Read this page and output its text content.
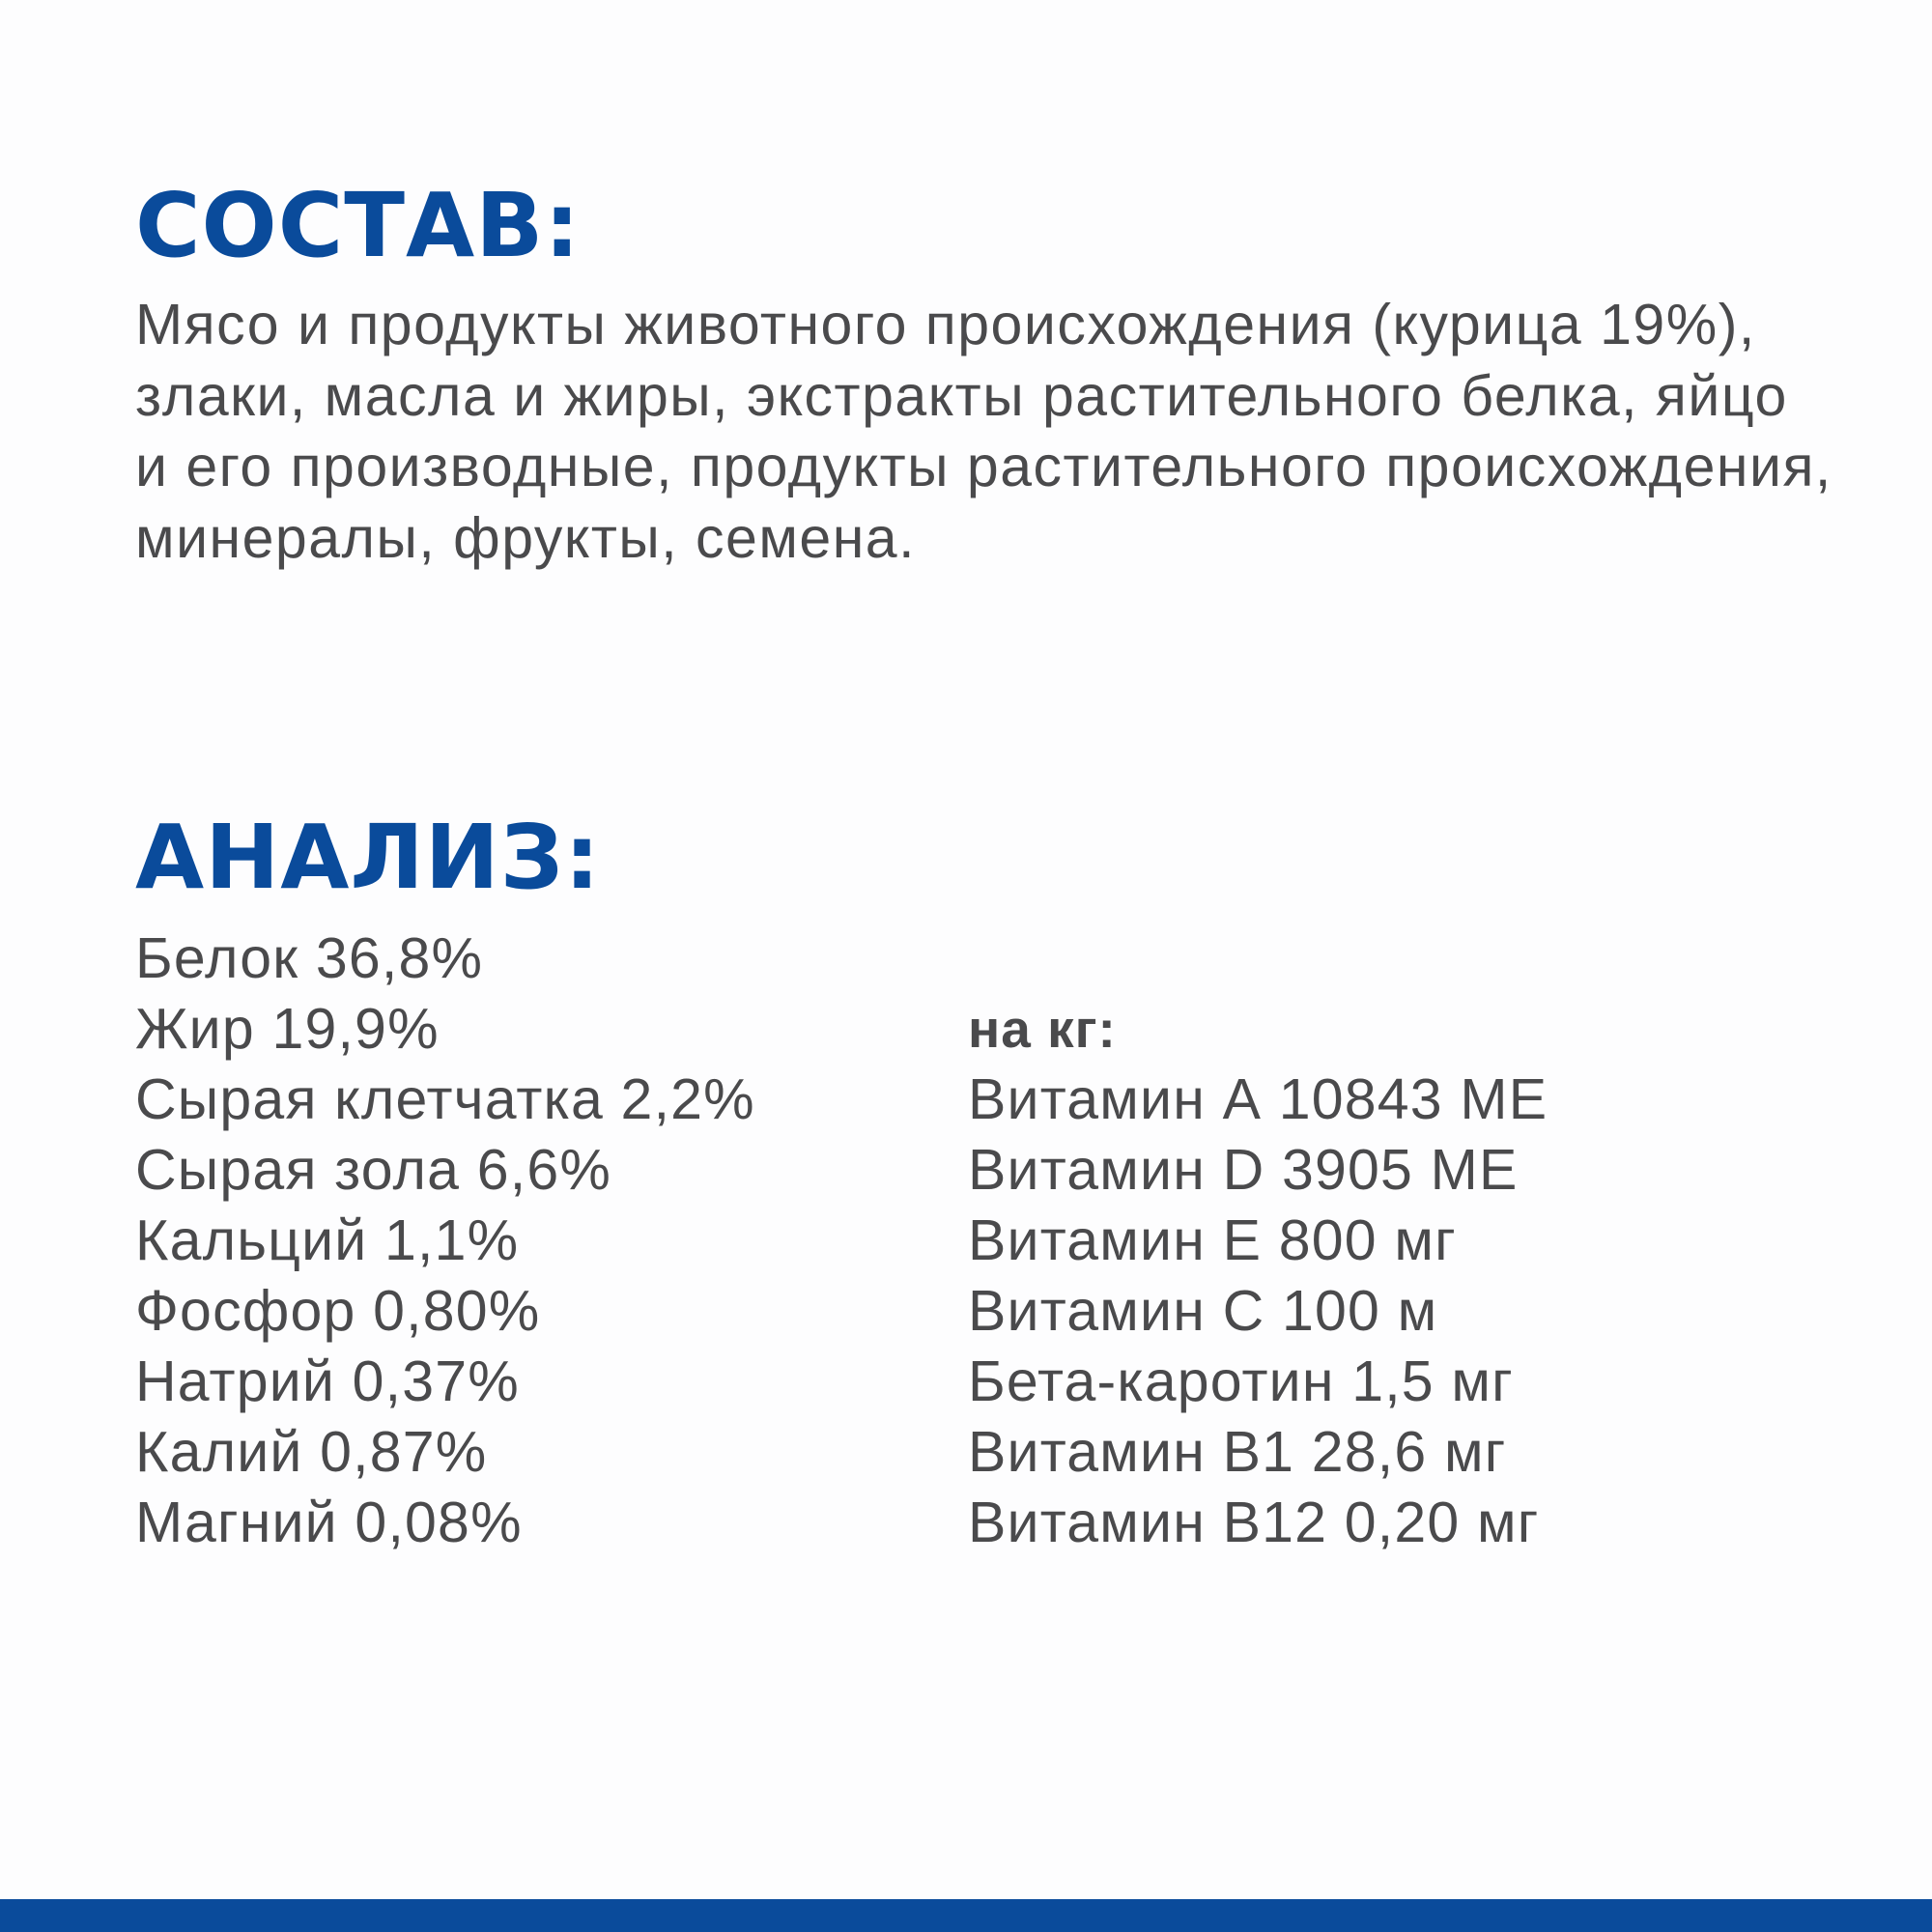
СОСТАВ:

Мясо и продукты животного происхождения (курица 19%), злаки, масла и жиры, экстракты растительного белка, яйцо и его производные, продукты растительного происхождения, минералы, фрукты, семена.

АНАЛИЗ:
Белок 36,8%
Жир 19,9%
Сырая клетчатка 2,2%
Сырая зола 6,6%
Кальций 1,1%
Фосфор 0,80%
Натрий 0,37%
Калий 0,87%
Магний 0,08%
на кг:
Витамин А 10843 МЕ
Витамин D 3905 МЕ
Витамин Е 800 мг
Витамин С 100 м
Бета-каротин 1,5 мг
Витамин B1 28,6 мг
Витамин B12 0,20 мг
